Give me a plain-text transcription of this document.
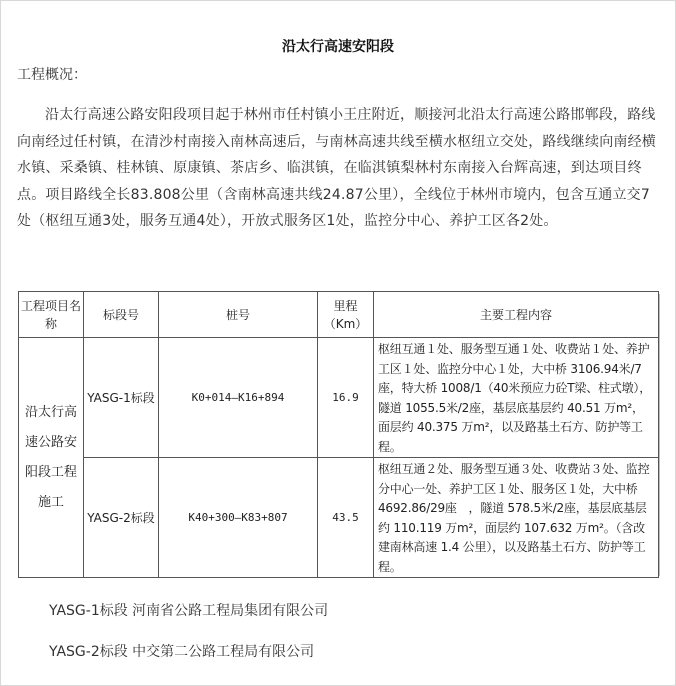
沿太行高速安阳段
工程概况：

沿太行高速公路安阳段项目起于林州市任村镇小王庄附近，顺接河北沿太行高速公路邯郸段，路线向南经过任村镇，在清沙村南接入南林高速后，与南林高速共线至横水枢纽立交处，路线继续向南经横水镇、采桑镇、桂林镇、原康镇、茶店乡、临淇镇，在临淇镇梨林村东南接入台辉高速，到达项目终点。项目路线全长83.808公里（含南林高速共线24.87公里），全线位于林州市境内，包含互通立交7处（枢纽互通3处，服务互通4处），开放式服务区1处，监控分中心、养护工区各2处。

工程项目名称	标段号	桩号	里程（Km）	主要工程内容
沿太行高速公路安阳段工程施工	YASG-1标段	K0+014—K16+894	16.9	枢纽互通１处、服务型互通１处、收费站１处、养护工区１处、监控分中心１处，大中桥 3106.94米/7座，特大桥 1008/1（40米预应力砼T梁、柱式墩），隧道 1055.5米/2座，基层底基层约 40.51 万m²，面层约 40.375 万m²，以及路基土石方、防护等工程。
	YASG-2标段	K40+300—K83+807	43.5	枢纽互通２处、服务型互通３处、收费站３处、监控分中心一处、养护工区１处、服务区１处，大中桥　4692.86/29座　，隧道 578.5米/2座，基层底基层约 110.119 万m²，面层约 107.632 万m²。（含改建南林高速 1.4 公里），以及路基土石方、防护等工程。
YASG-1标段 河南省公路工程局集团有限公司
YASG-2标段 中交第二公路工程局有限公司
